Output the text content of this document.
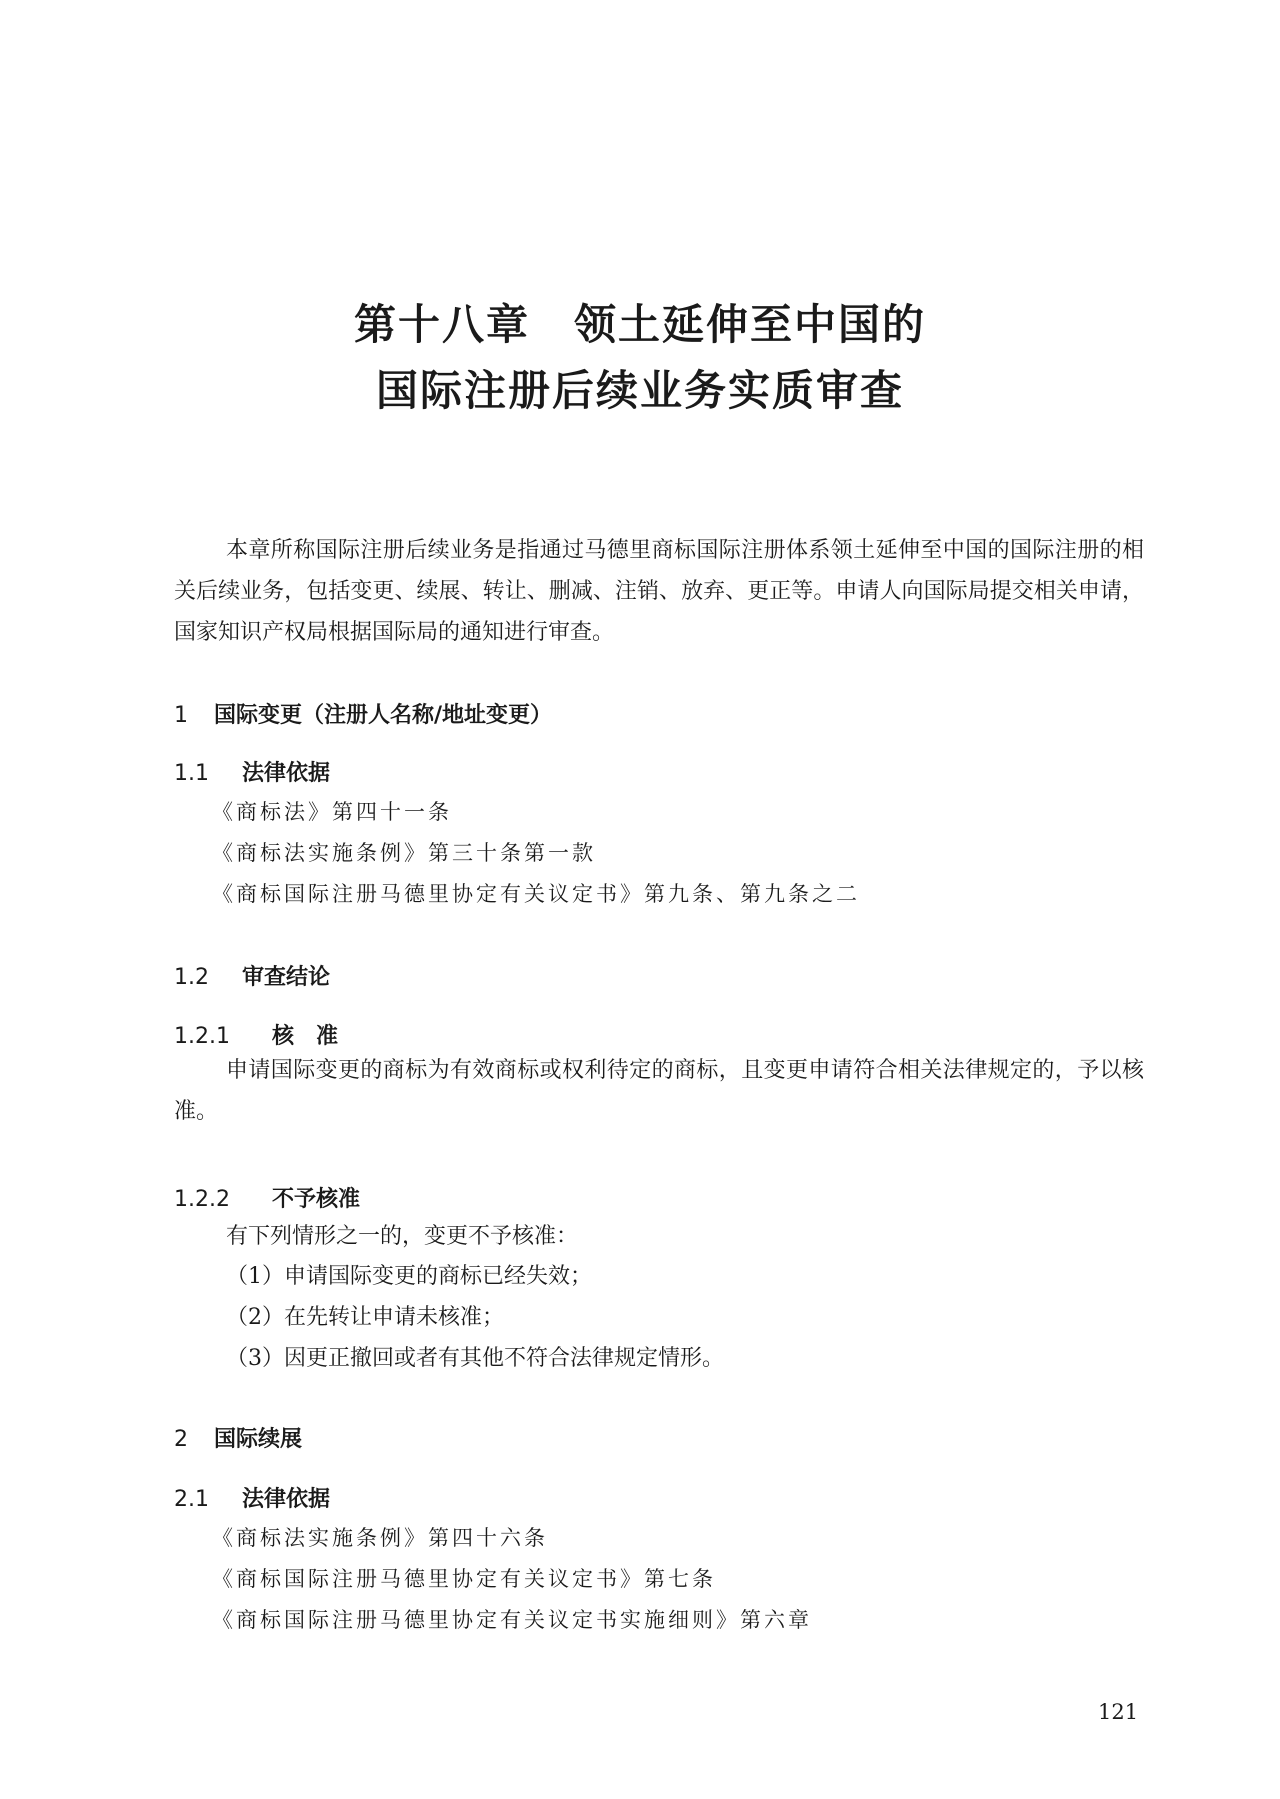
第十八章　领土延伸至中国的
国际注册后续业务实质审查
本章所称国际注册后续业务是指通过马德里商标国际注册体系领土延伸至中国的国际注册的相关后续业务，包括变更、续展、转让、删减、注销、放弃、更正等。申请人向国际局提交相关申请，国家知识产权局根据国际局的通知进行审查。
1 国际变更（注册人名称/地址变更）
1.1 法律依据
《商标法》第四十一条
《商标法实施条例》第三十条第一款
《商标国际注册马德里协定有关议定书》第九条、第九条之二
1.2 审查结论
1.2.1 核　准
申请国际变更的商标为有效商标或权利待定的商标，且变更申请符合相关法律规定的，予以核准。
1.2.2 不予核准
有下列情形之一的，变更不予核准：
（1）申请国际变更的商标已经失效；
（2）在先转让申请未核准；
（3）因更正撤回或者有其他不符合法律规定情形。
2 国际续展
2.1 法律依据
《商标法实施条例》第四十六条
《商标国际注册马德里协定有关议定书》第七条
《商标国际注册马德里协定有关议定书实施细则》第六章
121
